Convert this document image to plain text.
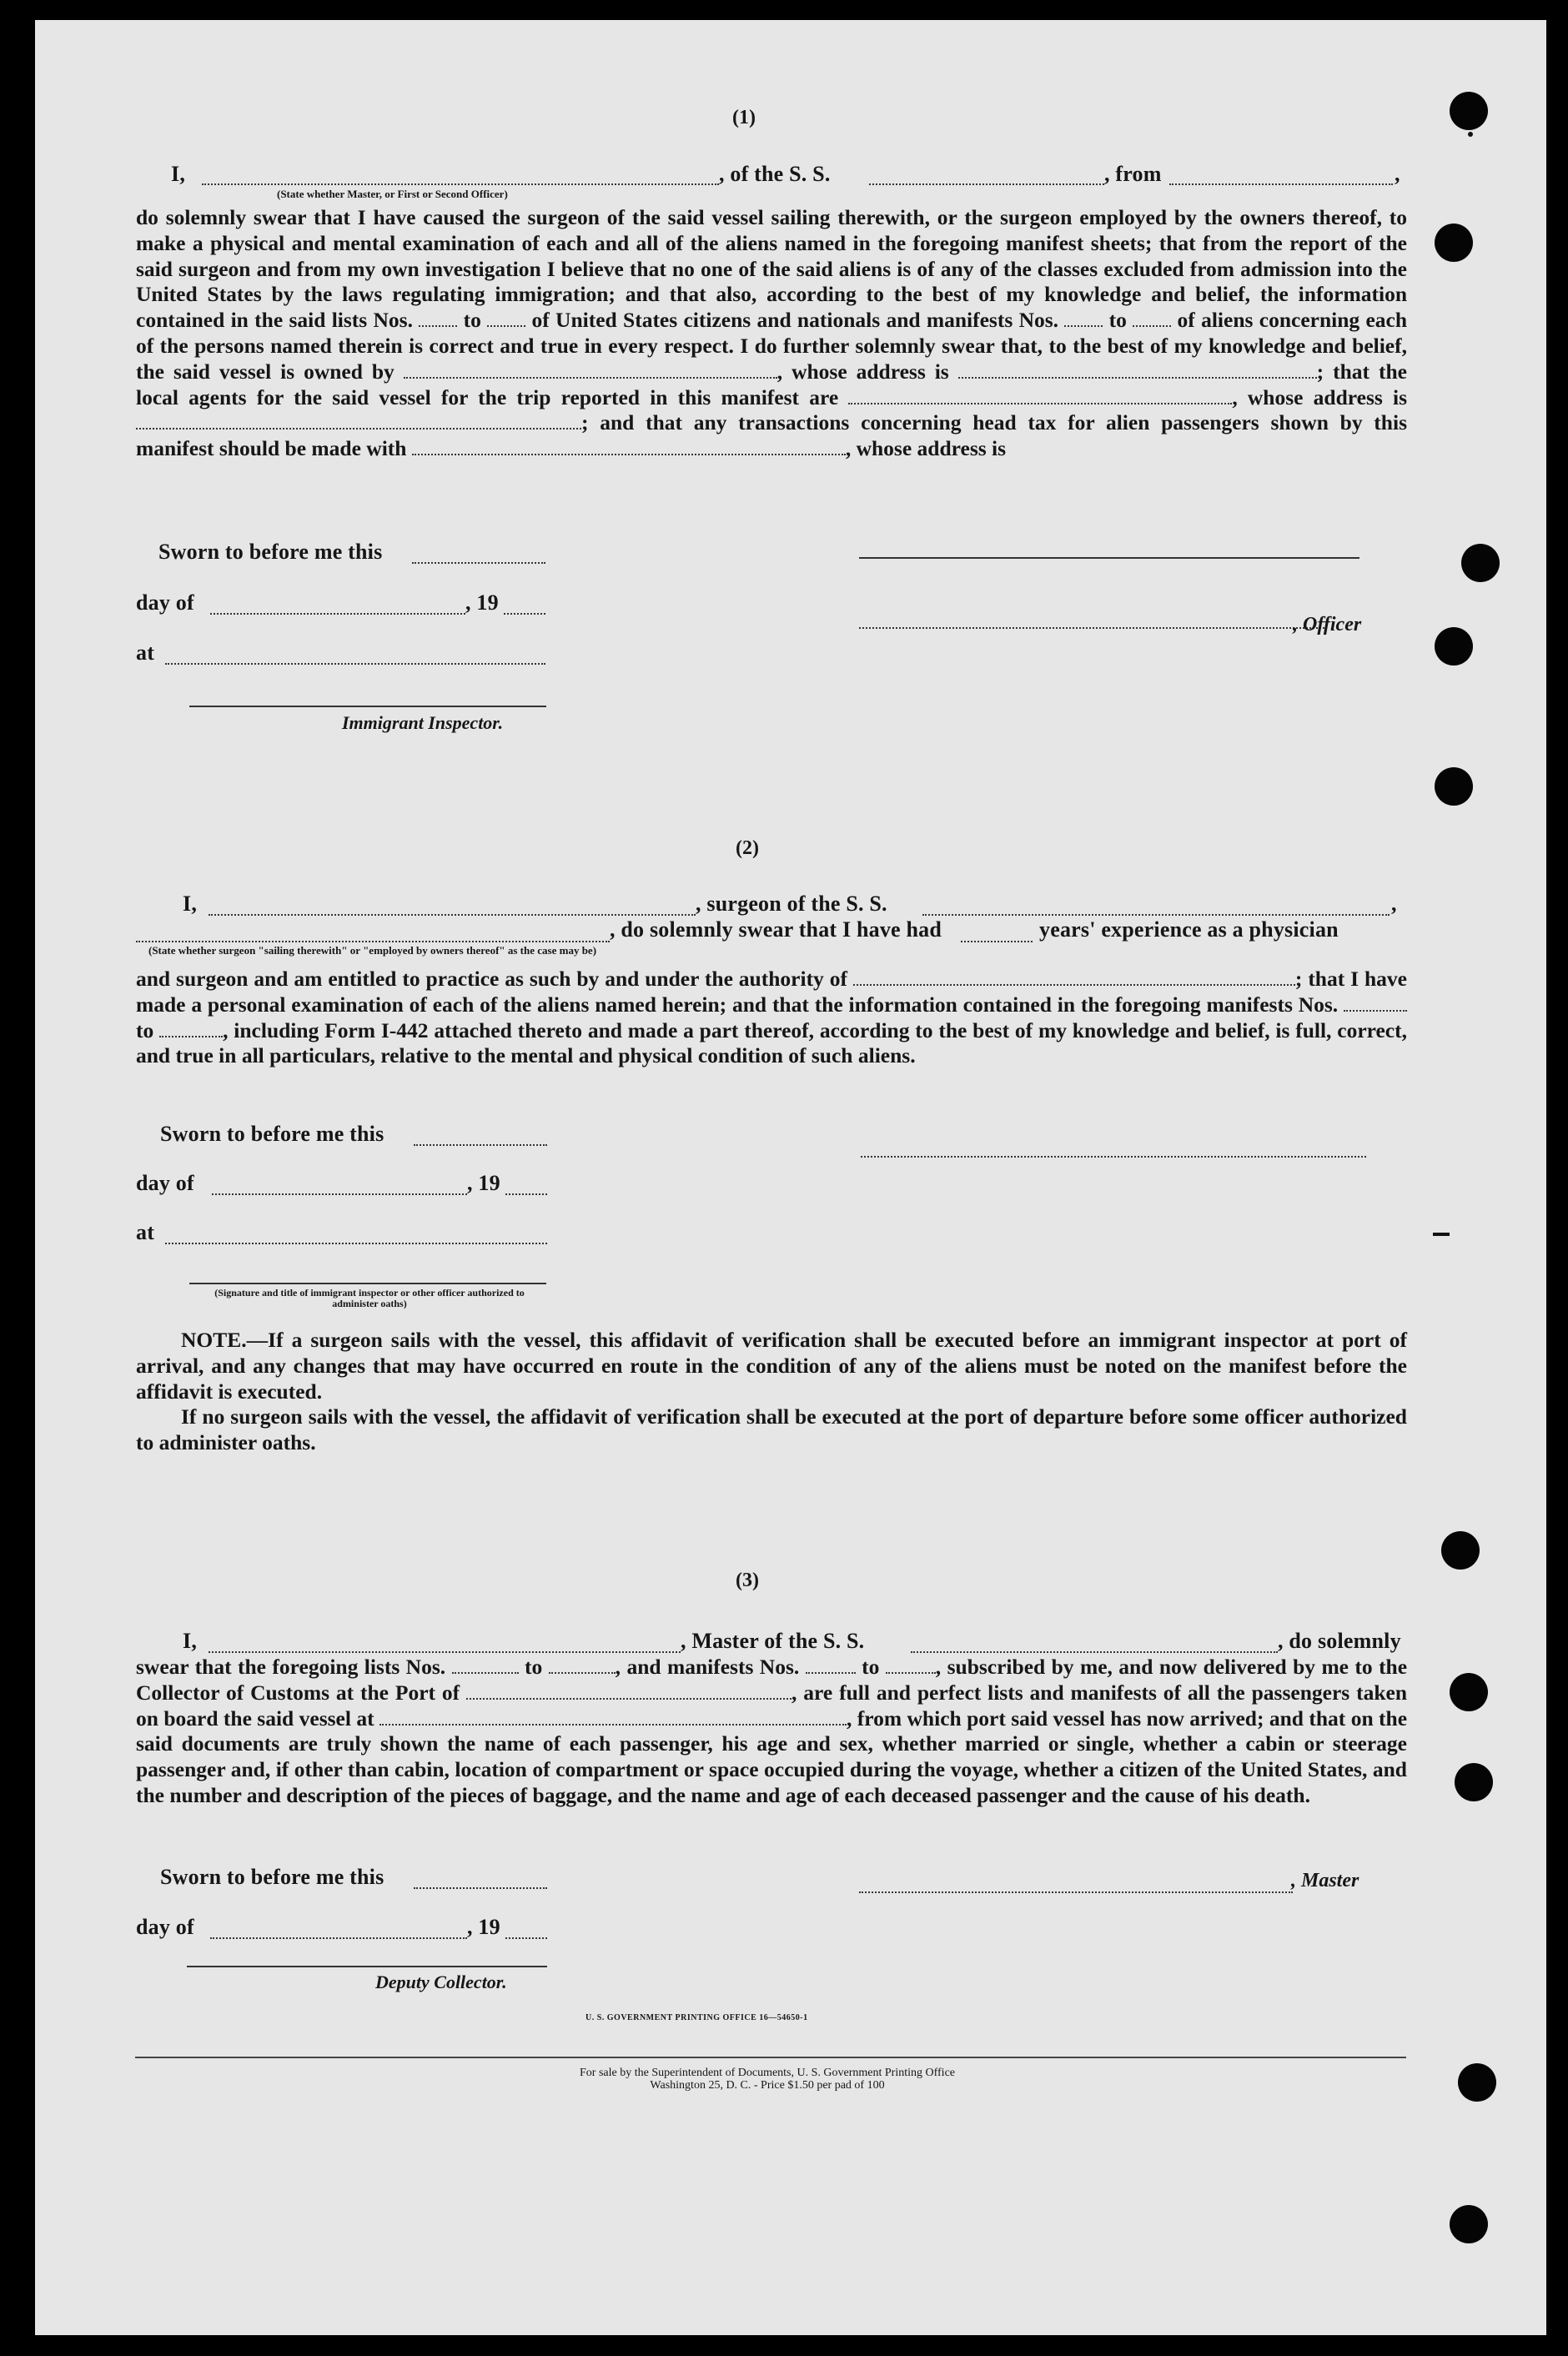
(1)
I,	, of the S. S.	, from	,
(State whether Master, or First or Second Officer)
do solemnly swear that I have caused the surgeon of the said vessel sailing therewith, or the surgeon employed by the owners thereof, to make a physical and mental examination of each and all of the aliens named in the foregoing manifest sheets; that from the report of the said surgeon and from my own investigation I believe that no one of the said aliens is of any of the classes excluded from admission into the United States by the laws regulating immigration; and that also, according to the best of my knowledge and belief, the information contained in the said lists Nos. to of United States citizens and nationals and manifests Nos. to of aliens concerning each of the persons named therein is correct and true in every respect. I do further solemnly swear that, to the best of my knowledge and belief, the said vessel is owned by	, whose address is	; that the local agents for the said vessel for the trip reported in this manifest are	, whose address is ; and that any transactions concerning head tax for alien passengers shown by this manifest should be made with	, whose address is
Sworn to before me this
day of	, 19
at
Immigrant Inspector.
, Officer
(2)
I,	, surgeon of the S. S.	,
, do solemnly swear that I have had	years' experience as a physician
(State whether surgeon "sailing therewith" or "employed by owners thereof" as the case may be)
and surgeon and am entitled to practice as such by and under the authority of	; that I have made a personal examination of each of the aliens named herein; and that the information contained in the foregoing manifests Nos.  to	, including Form I-442 attached thereto and made a part thereof, according to the best of my knowledge and belief, is full, correct, and true in all particulars, relative to the mental and physical condition of such aliens.
Sworn to before me this
day of	, 19
at
(Signature and title of immigrant inspector or other officer authorized to administer oaths)
NOTE.—If a surgeon sails with the vessel, this affidavit of verification shall be executed before an immigrant inspector at port of arrival, and any changes that may have occurred en route in the condition of any of the aliens must be noted on the manifest before the affidavit is executed.
If no surgeon sails with the vessel, the affidavit of verification shall be executed at the port of departure before some officer authorized to administer oaths.
(3)
I,	, Master of the S. S.	, do solemnly
swear that the foregoing lists Nos.	to	, and manifests Nos.	to	, subscribed by me, and now delivered by me to the Collector of Customs at the Port of	, are full and perfect lists and manifests of all the passengers taken on board the said vessel at	, from which port said vessel has now arrived; and that on the said documents are truly shown the name of each passenger, his age and sex, whether married or single, whether a cabin or steerage passenger and, if other than cabin, location of compartment or space occupied during the voyage, whether a citizen of the United States, and the number and description of the pieces of baggage, and the name and age of each deceased passenger and the cause of his death.
Sworn to before me this
day of	, 19
Deputy Collector.
, Master
U. S. GOVERNMENT PRINTING OFFICE 16—54650-1
For sale by the Superintendent of Documents, U. S. Government Printing Office
Washington 25, D. C. - Price $1.50 per pad of 100
